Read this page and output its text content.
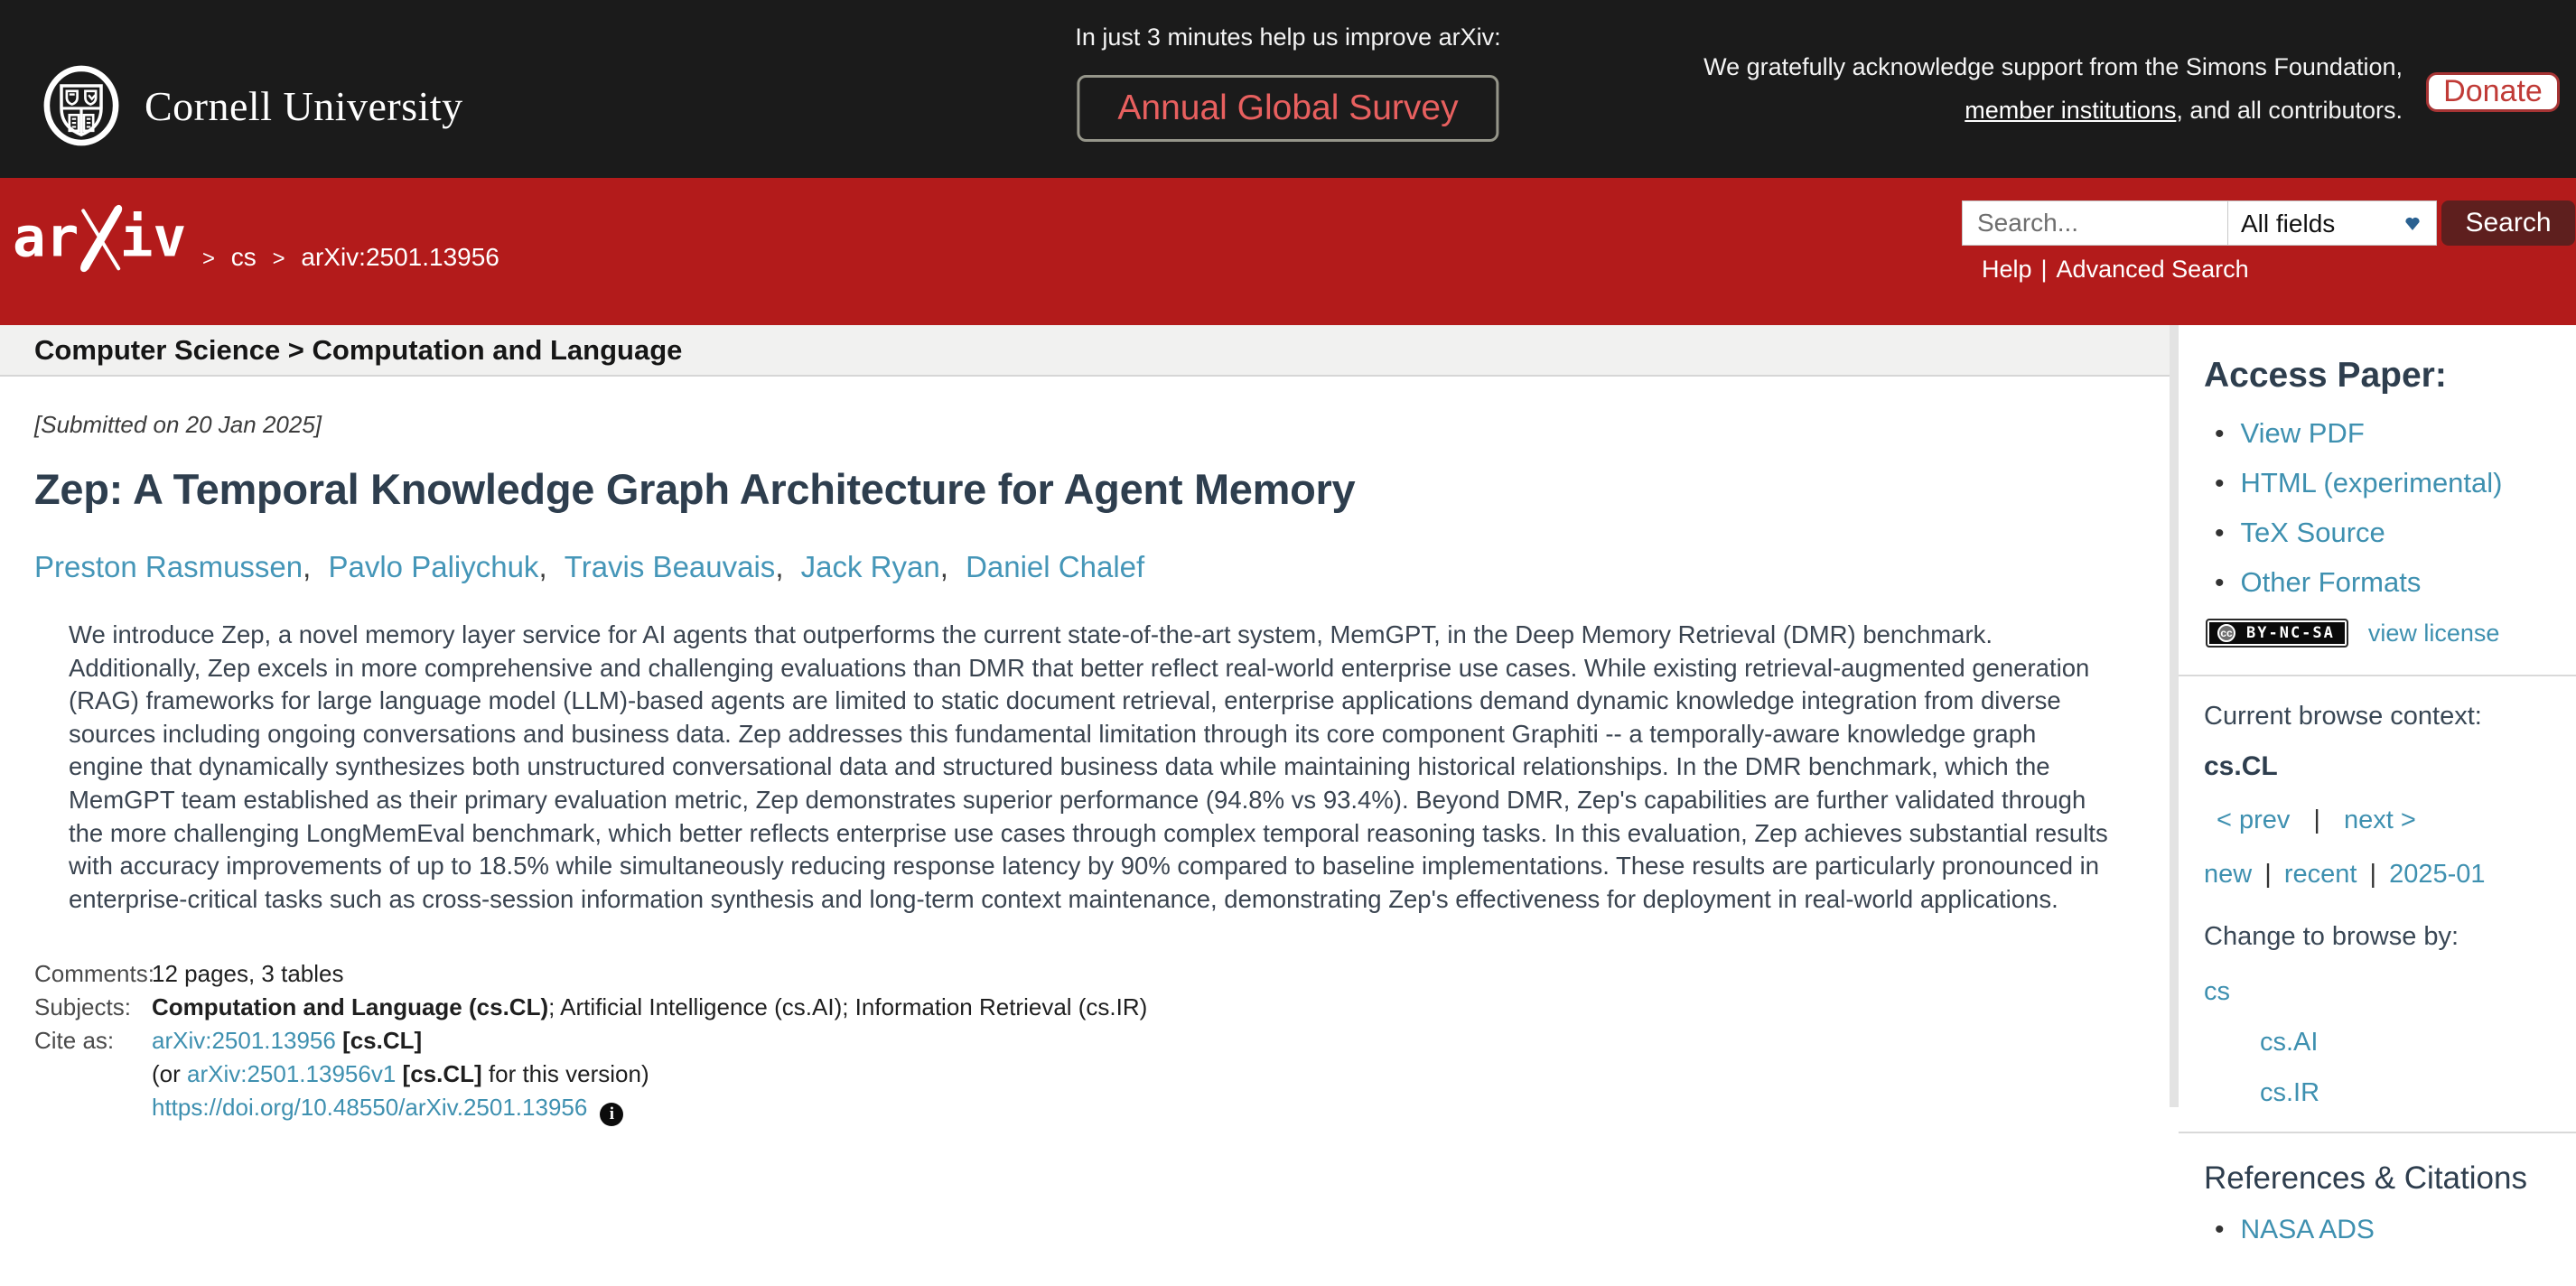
Cornell University
In just 3 minutes help us improve arXiv:
Annual Global Survey
We gratefully acknowledge support from the Simons Foundation,
member institutions, and all contributors.
Donate
ar iv > cs > arXiv:2501.13956
Search...
All fields
Search
Help | Advanced Search
Computer Science > Computation and Language
[Submitted on 20 Jan 2025]
Zep: A Temporal Knowledge Graph Architecture for Agent Memory
Preston Rasmussen, Pavlo Paliychuk, Travis Beauvais, Jack Ryan, Daniel Chalef

We introduce Zep, a novel memory layer service for AI agents that outperforms the current state-of-the-art system, MemGPT, in the Deep Memory Retrieval (DMR) benchmark. Additionally, Zep excels in more comprehensive and challenging evaluations than DMR that better reflect real-world enterprise use cases. While existing retrieval-augmented generation (RAG) frameworks for large language model (LLM)-based agents are limited to static document retrieval, enterprise applications demand dynamic knowledge integration from diverse sources including ongoing conversations and business data. Zep addresses this fundamental limitation through its core component Graphiti -- a temporally-aware knowledge graph engine that dynamically synthesizes both unstructured conversational data and structured business data while maintaining historical relationships. In the DMR benchmark, which the MemGPT team established as their primary evaluation metric, Zep demonstrates superior performance (94.8% vs 93.4%). Beyond DMR, Zep's capabilities are further validated through the more challenging LongMemEval benchmark, which better reflects enterprise use cases through complex temporal reasoning tasks. In this evaluation, Zep achieves substantial results with accuracy improvements of up to 18.5% while simultaneously reducing response latency by 90% compared to baseline implementations. These results are particularly pronounced in enterprise-critical tasks such as cross-session information synthesis and long-term context maintenance, demonstrating Zep's effectiveness for deployment in real-world applications.

Comments:
12 pages, 3 tables
Subjects: Computation and Language (cs.CL); Artificial Intelligence (cs.AI); Information Retrieval (cs.IR)
Cite as:	arXiv:2501.13956 [cs.CL]
(or arXiv:2501.13956v1 [cs.CL] for this version)
https://doi.org/10.48550/arXiv.2501.13956 i
Access Paper:
• View PDF
• HTML (experimental)
• TeX Source
• Other Formats
cc BY-NC-SA view license
Current browse context:
cs.CL
< prev | next >
new | recent | 2025-01
Change to browse by:
cs
cs.AI
cs.IR
References & Citations
• NASA ADS
